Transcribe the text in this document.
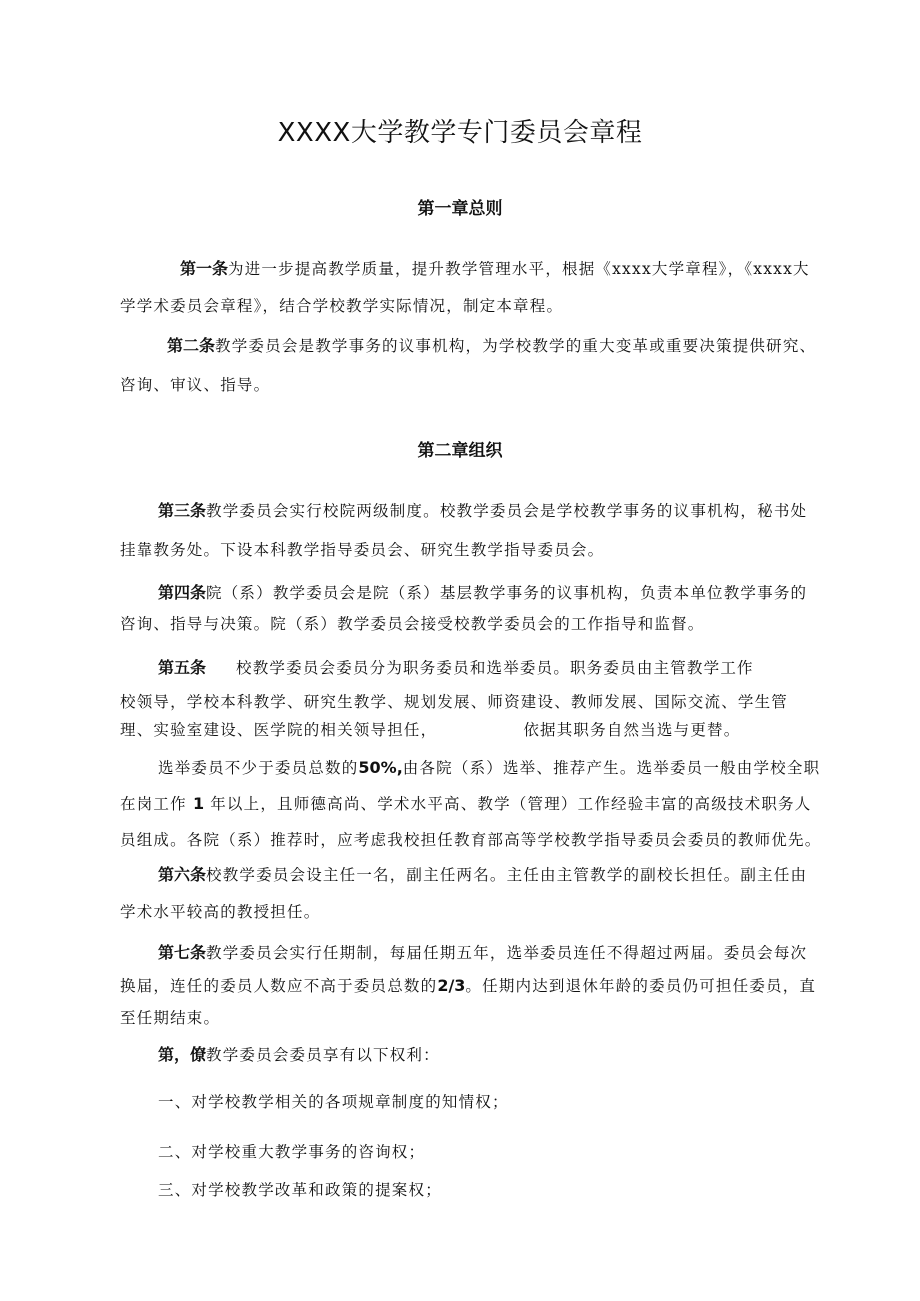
XXXX大学教学专门委员会章程
第一章总则
第一条为进一步提高教学质量，提升教学管理水平，根据《xxxx大学章程》，《xxxx大
学学术委员会章程》，结合学校教学实际情况，制定本章程。
第二条教学委员会是教学事务的议事机构，为学校教学的重大变革或重要决策提供研究、
咨询、审议、指导。
第二章组织
第三条教学委员会实行校院两级制度。校教学委员会是学校教学事务的议事机构，秘书处
挂靠教务处。下设本科教学指导委员会、研究生教学指导委员会。
第四条院（系）教学委员会是院（系）基层教学事务的议事机构，负责本单位教学事务的
咨询、指导与决策。院（系）教学委员会接受校教学委员会的工作指导和监督。
第五条 校教学委员会委员分为职务委员和选举委员。职务委员由主管教学工作
校领导，学校本科教学、研究生教学、规划发展、师资建设、教师发展、国际交流、学生管
理、实验室建设、医学院的相关领导担任，	依据其职务自然当选与更替。
选举委员不少于委员总数的50%,由各院（系）选举、推荐产生。选举委员一般由学校全职
在岗工作 1 年以上，且师德高尚、学术水平高、教学（管理）工作经验丰富的高级技术职务人
员组成。各院（系）推荐时，应考虑我校担任教育部高等学校教学指导委员会委员的教师优先。
第六条校教学委员会设主任一名，副主任两名。主任由主管教学的副校长担任。副主任由
学术水平较高的教授担任。
第七条教学委员会实行任期制，每届任期五年，选举委员连任不得超过两届。委员会每次
换届，连任的委员人数应不高于委员总数的2/3。任期内达到退休年龄的委员仍可担任委员，直
至任期结束。
第，僚教学委员会委员享有以下权利：
一、对学校教学相关的各项规章制度的知情权；
二、对学校重大教学事务的咨询权；
三、对学校教学改革和政策的提案权；
